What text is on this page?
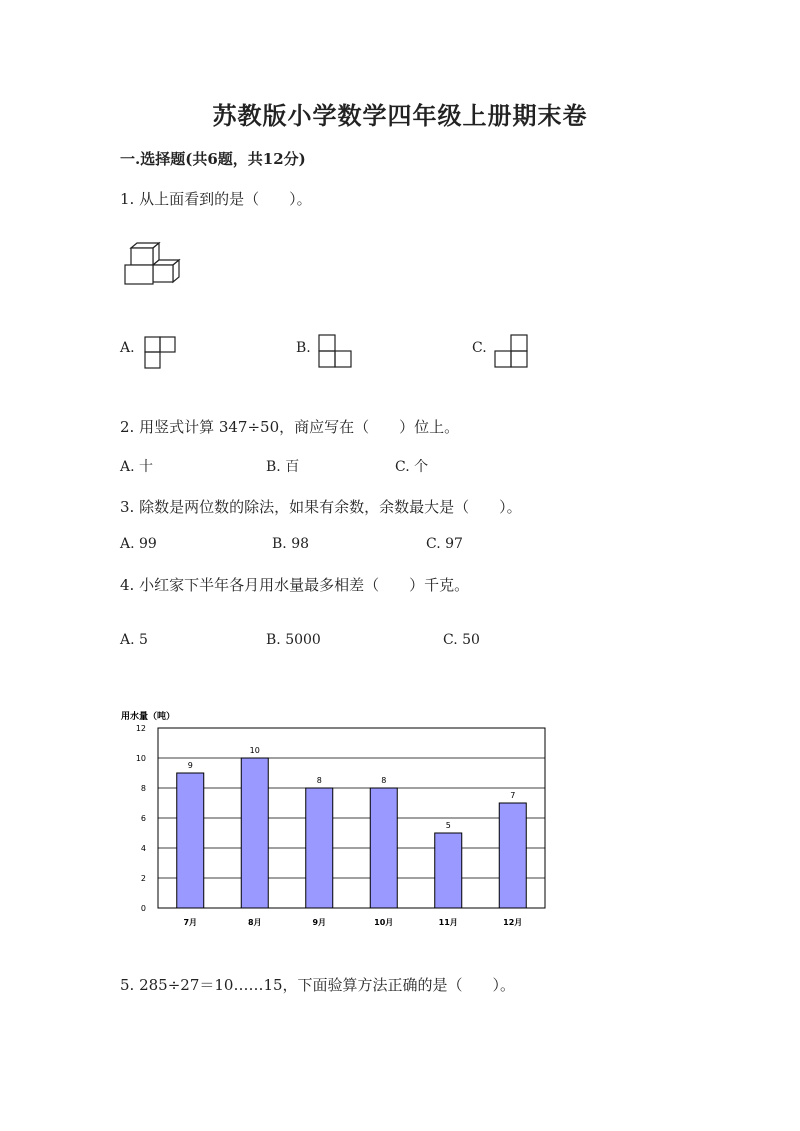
苏教版小学数学四年级上册期末卷
一.选择题(共6题，共12分)
1. 从上面看到的是（　　）。
A.	B.	C.
2. 用竖式计算 347÷50，商应写在（　　）位上。
A. 十	B. 百	C. 个
3. 除数是两位数的除法，如果有余数，余数最大是（　　）。
A. 99	B. 98	C. 97
4. 小红家下半年各月用水量最多相差（　　）千克。
A. 5	B. 5000	C. 50
用水量（吨）
0
2
4
6
8
10
12
9
7月
10
8月
8
9月
8
10月
5
11月
7
12月
5. 285÷27＝10……15，下面验算方法正确的是（　　）。
